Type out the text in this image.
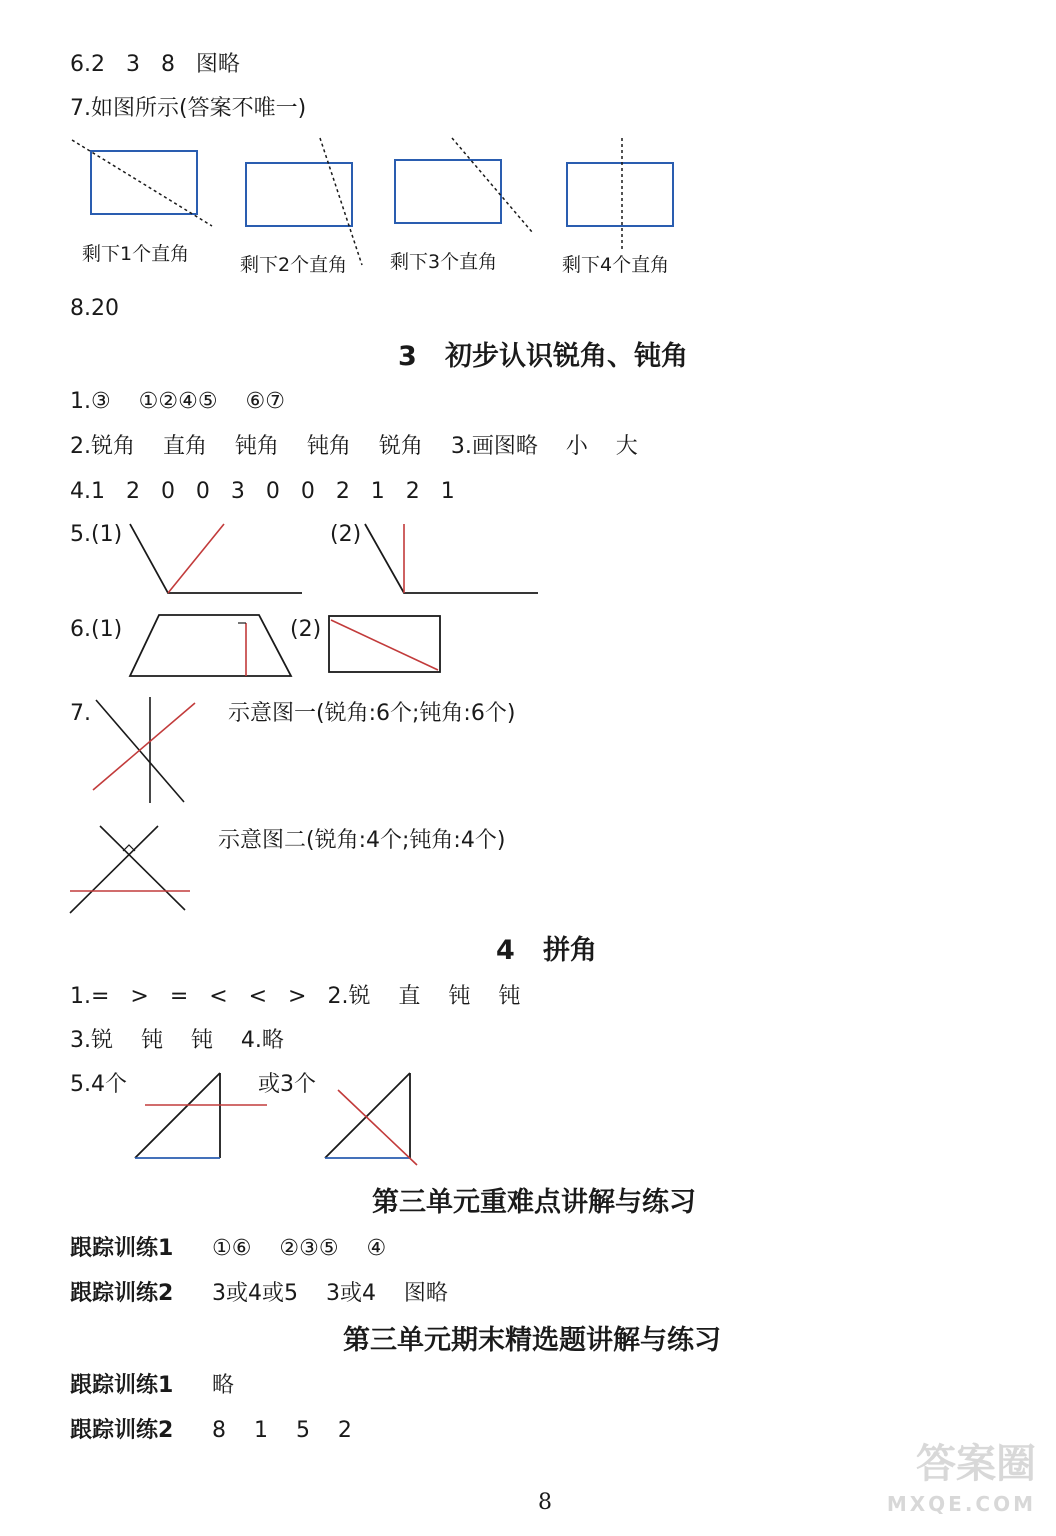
6.2   3   8   图略
7.如图所示(答案不唯一)
剩下1个直角	剩下2个直角 剩下3个直角	剩下4个直角
8.20
3   初步认识锐角、钝角
1.③    ①②④⑤    ⑥⑦
2.锐角    直角    钝角    钝角    锐角    3.画图略    小    大
4.1   2   0   0   3   0   0   2   1   2   1
5.(1)	(2)
6.(1)	(2)
7.	示意图一(锐角:6个;钝角:6个)
示意图二(锐角:4个;钝角:4个)
4   拼角
1.=   >   =   <   <   >   2.锐    直    钝    钝
3.锐    钝    钝    4.略
5.4个	或3个
第三单元重难点讲解与练习
跟踪训练1 ①⑥    ②③⑤    ④
跟踪训练2 3或4或5    3或4    图略
第三单元期末精选题讲解与练习
跟踪训练1 略
跟踪训练2 8    1    5    2
8
答案圈
MXQE.COM
